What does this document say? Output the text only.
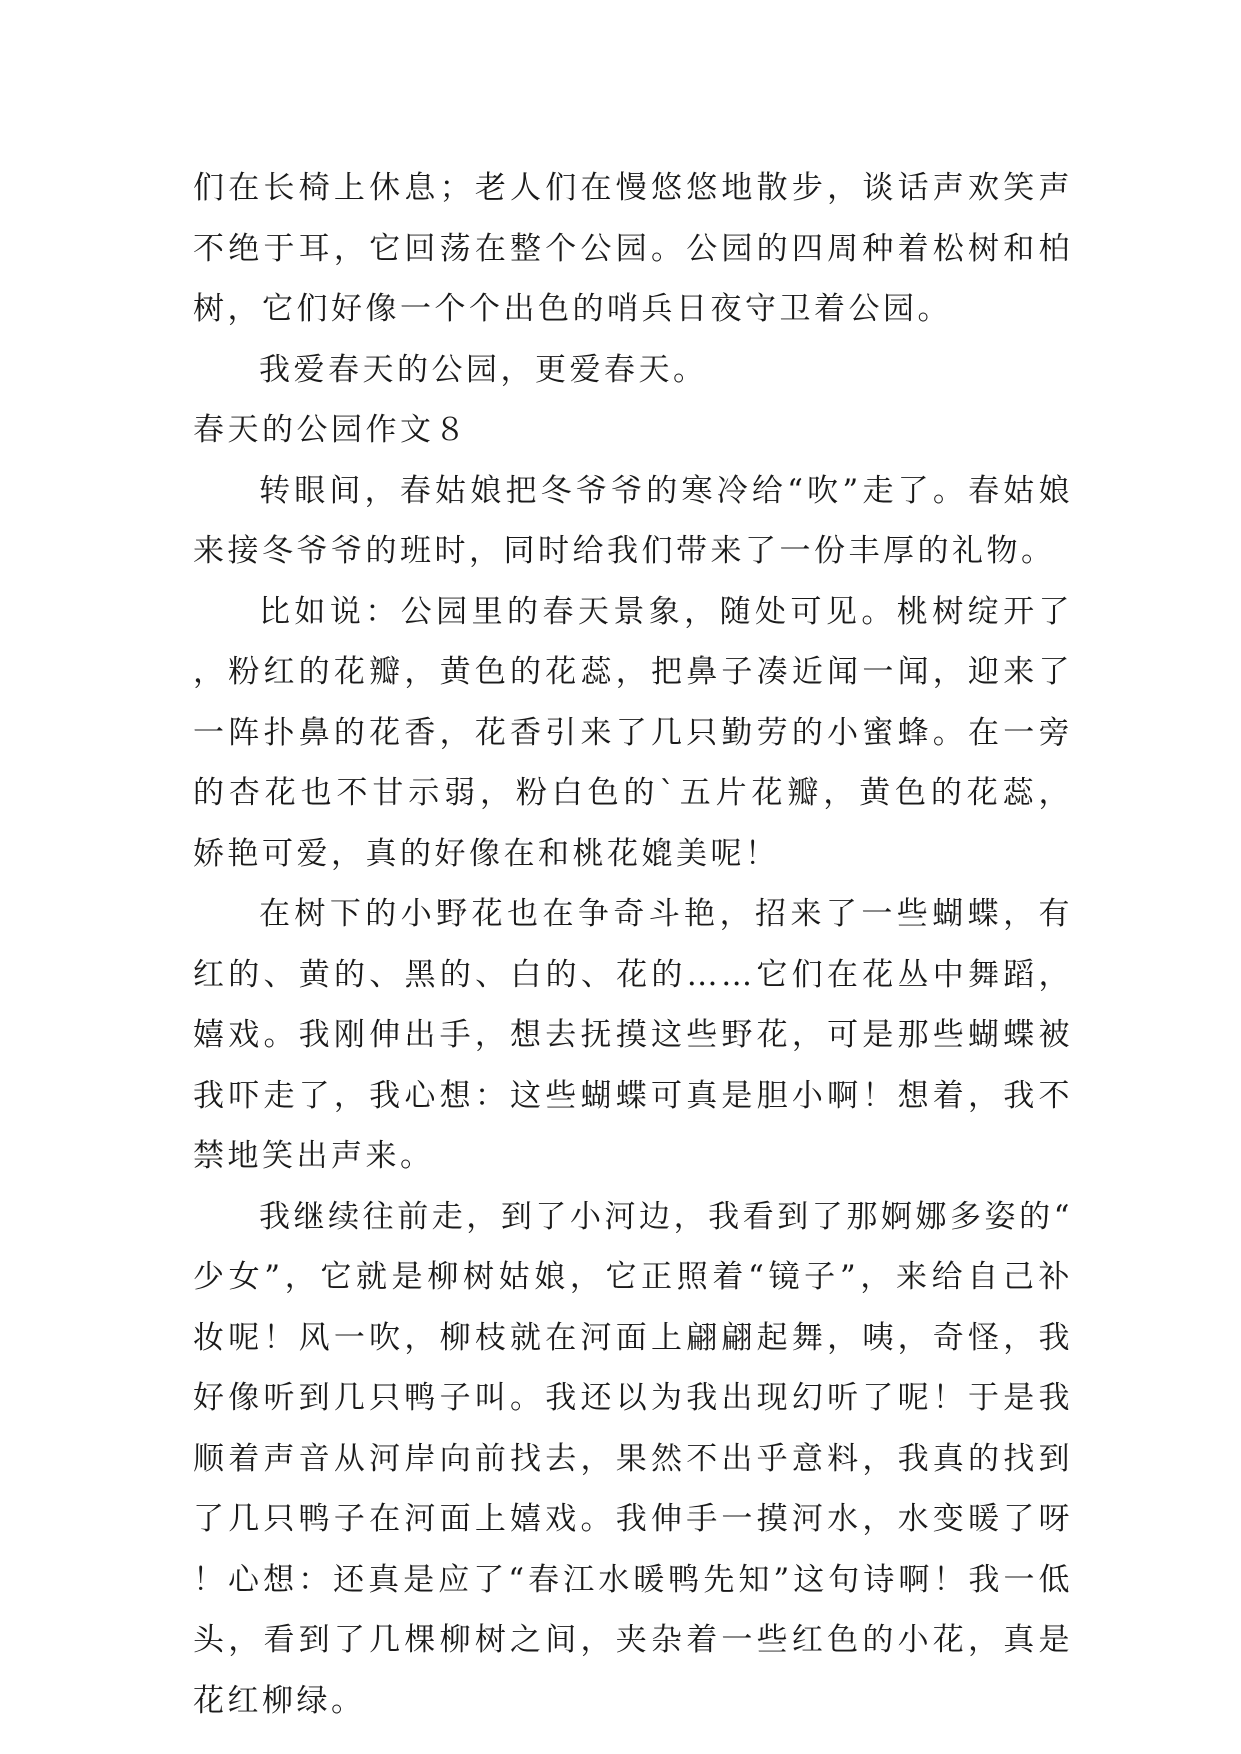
们在长椅上休息；老人们在慢悠悠地散步，谈话声欢笑声不绝于耳，它回荡在整个公园。公园的四周种着松树和柏树，它们好像一个个出色的哨兵日夜守卫着公园。

我爱春天的公园，更爱春天。

春天的公园作文８

转眼间，春姑娘把冬爷爷的寒冷给“吹”走了。春姑娘来接冬爷爷的班时，同时给我们带来了一份丰厚的礼物。

比如说：公园里的春天景象，随处可见。桃树绽开了，粉红的花瓣，黄色的花蕊，把鼻子凑近闻一闻，迎来了一阵扑鼻的花香，花香引来了几只勤劳的小蜜蜂。在一旁的杏花也不甘示弱，粉白色的`五片花瓣，黄色的花蕊，娇艳可爱，真的好像在和桃花媲美呢！

在树下的小野花也在争奇斗艳，招来了一些蝴蝶，有红的、黄的、黑的、白的、花的……它们在花丛中舞蹈，嬉戏。我刚伸出手，想去抚摸这些野花，可是那些蝴蝶被我吓走了，我心想：这些蝴蝶可真是胆小啊！想着，我不禁地笑出声来。

我继续往前走，到了小河边，我看到了那婀娜多姿的“少女”，它就是柳树姑娘，它正照着“镜子”，来给自己补妆呢！风一吹，柳枝就在河面上翩翩起舞，咦，奇怪，我好像听到几只鸭子叫。我还以为我出现幻听了呢！于是我顺着声音从河岸向前找去，果然不出乎意料，我真的找到了几只鸭子在河面上嬉戏。我伸手一摸河水，水变暖了呀！心想：还真是应了“春江水暖鸭先知”这句诗啊！我一低头，看到了几棵柳树之间，夹杂着一些红色的小花，真是花红柳绿。
